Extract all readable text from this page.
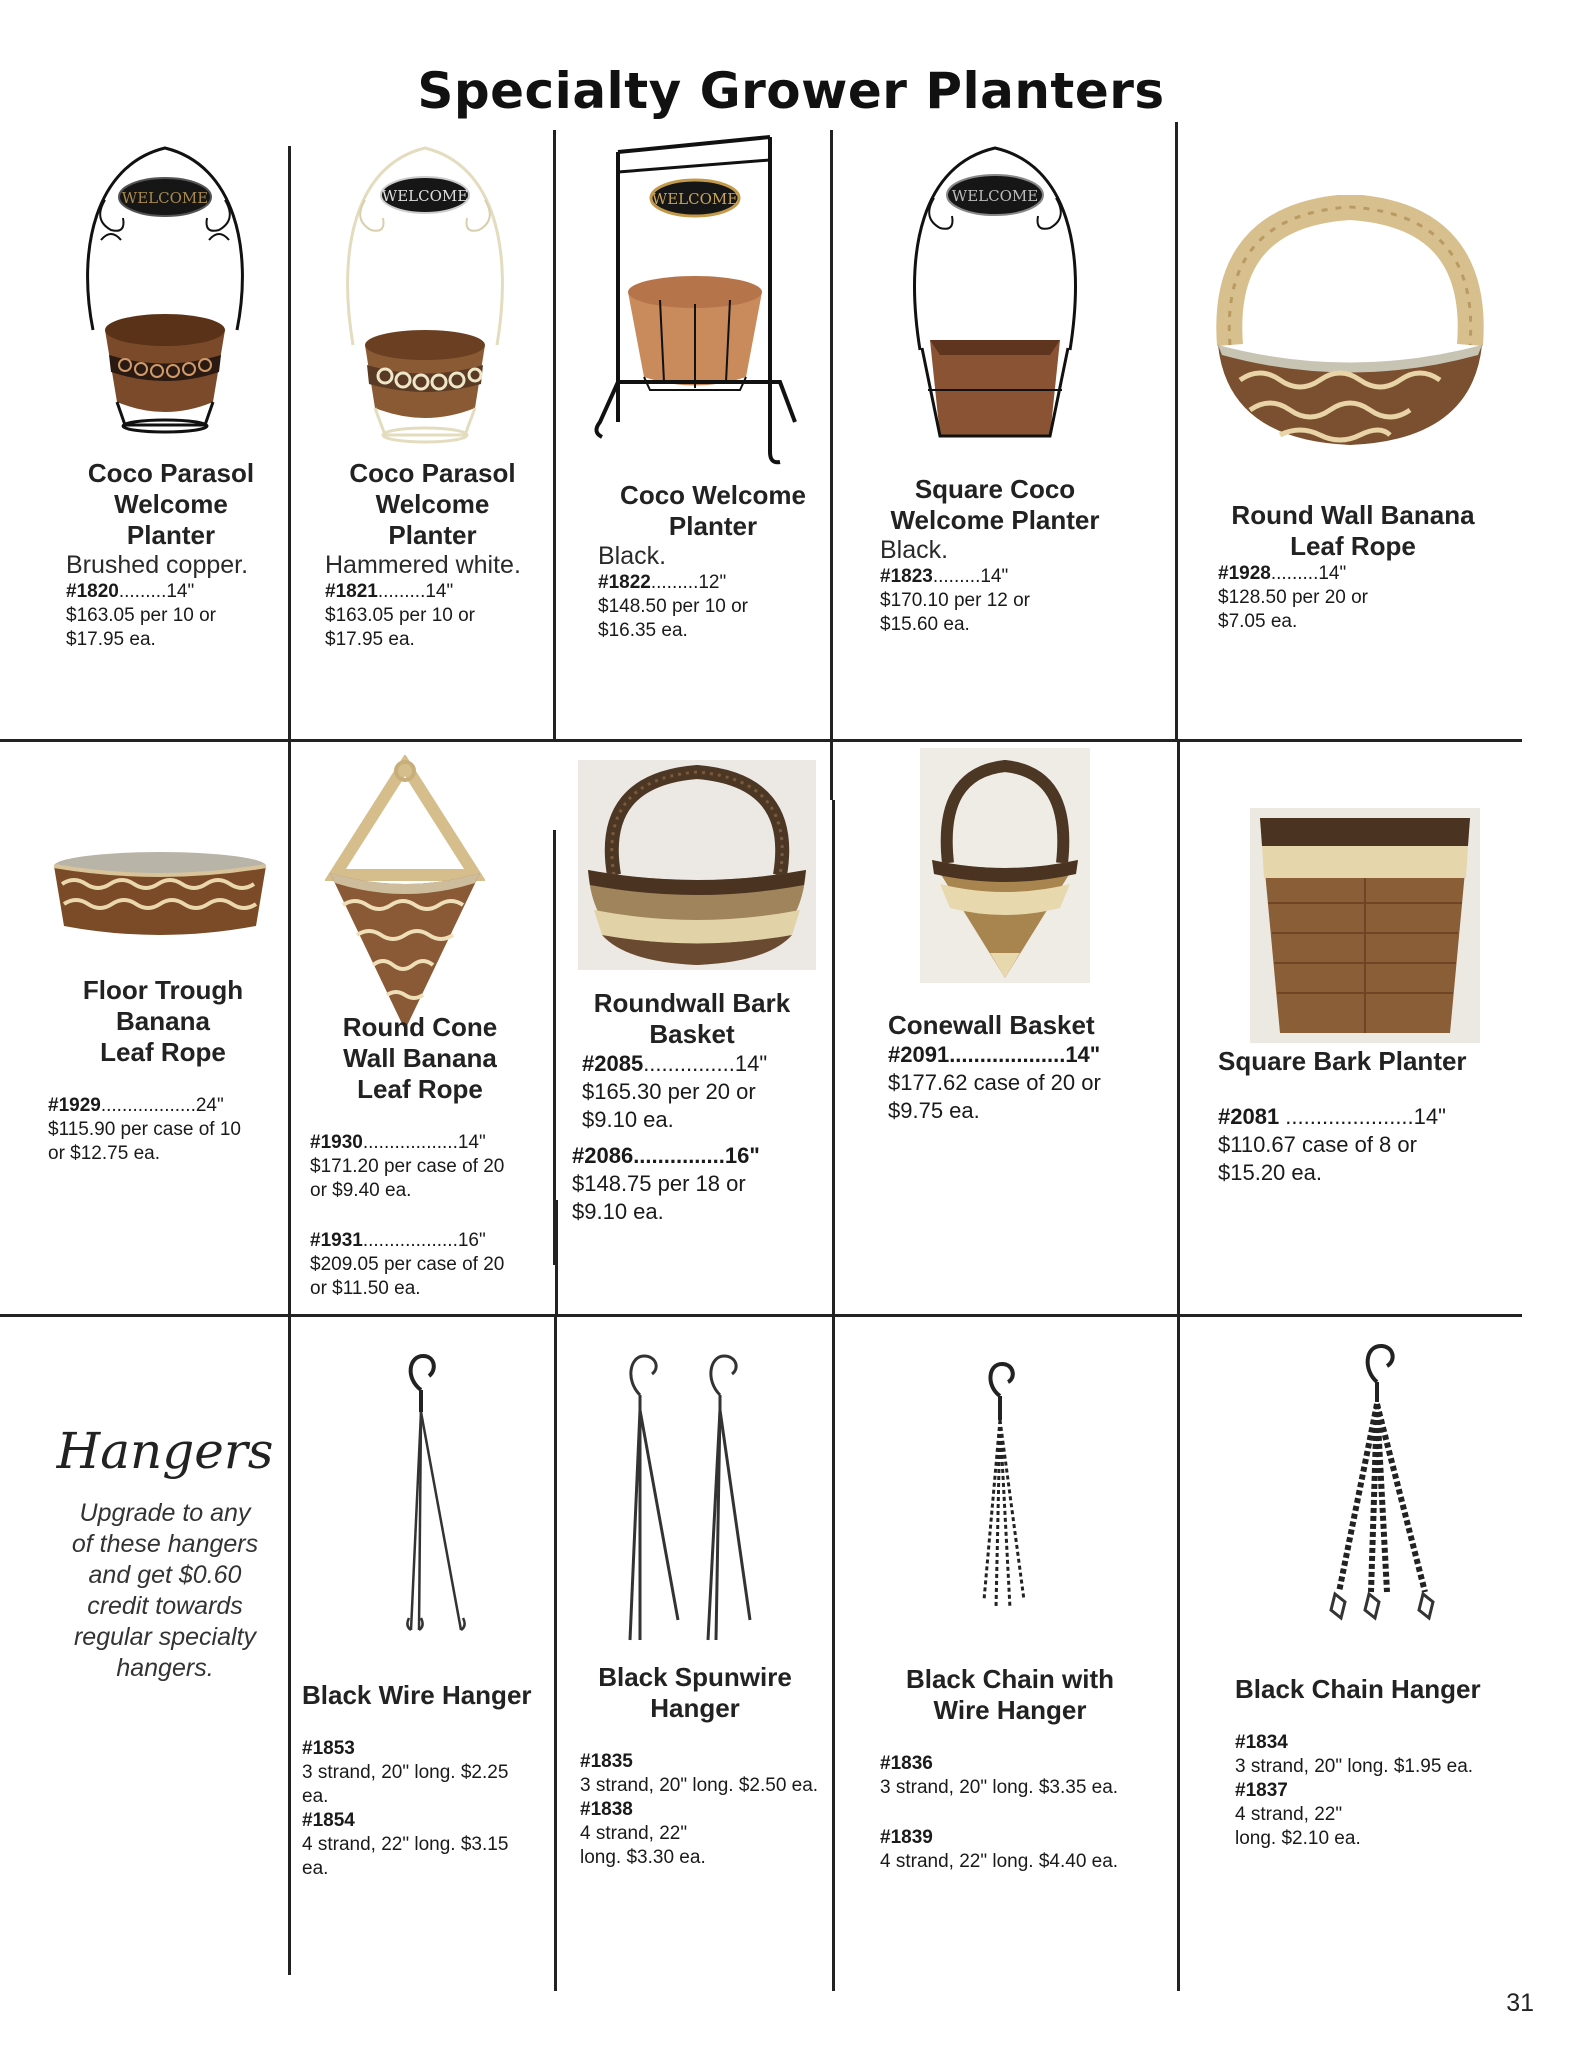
Specialty Grower Planters
WELCOME	WELCOME	WELCOME	WELCOME
Coco Parasol
Welcome
Planter
Brushed copper.
#1820.........14"
$163.05 per 10 or
$17.95 ea.
Coco Parasol
Welcome
Planter
Hammered white.
#1821.........14"
$163.05 per 10 or
$17.95 ea.
Coco Welcome
Planter
Black.
#1822.........12"
$148.50 per 10 or
$16.35 ea.
Square Coco
Welcome Planter
Black.
#1823.........14"
$170.10 per 12 or
$15.60 ea.
Round Wall Banana
Leaf Rope
#1928.........14"
$128.50 per 20 or
$7.05 ea.
Floor Trough
Banana
Leaf Rope
#1929..................24"
$115.90 per case of 10
or $12.75 ea.
Round Cone
Wall Banana
Leaf Rope
#1930..................14"
$171.20 per case of 20
or $9.40 ea.
#1931..................16"
$209.05 per case of 20
or $11.50 ea.
Roundwall Bark
Basket
#2085...............14"
$165.30 per 20 or
$9.10 ea.
#2086...............16"
$148.75 per 18 or
$9.10 ea.
Conewall Basket
#2091...................14"
$177.62 case of 20 or
$9.75 ea.
Square Bark Planter
#2081 .....................14"
$110.67 case of 8 or
$15.20 ea.
Hangers
Upgrade to any
of these hangers
and get $0.60
credit towards
regular specialty
hangers.
Black Wire Hanger
#1853
3 strand, 20" long. $2.25 ea.
#1854
4 strand, 22" long. $3.15 ea.
Black Spunwire
Hanger
#1835
3 strand, 20" long. $2.50 ea.
#1838
4 strand, 22" long. $3.30 ea.
Black Chain with
Wire Hanger
#1836
3 strand, 20" long. $3.35 ea.
#1839
4 strand, 22" long. $4.40 ea.
Black Chain Hanger
#1834
3 strand, 20" long. $1.95 ea.
#1837
4 strand, 22" long. $2.10 ea.
31
